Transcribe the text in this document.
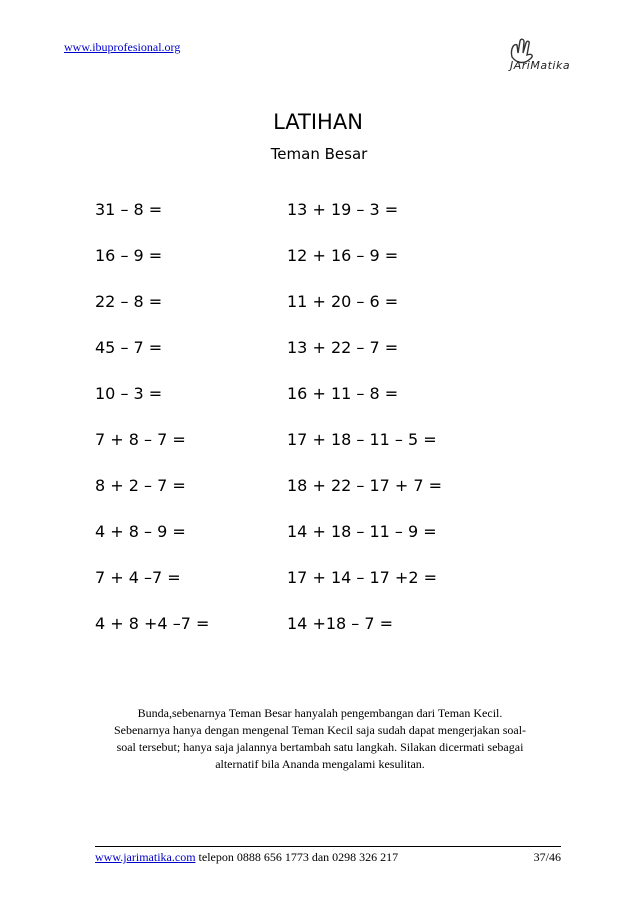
www.ibuprofesional.org
JAriMatika
LATIHAN
Teman Besar
31 – 8 =	13 + 19 – 3 =
16 – 9 =	12 + 16 – 9 =
22 – 8 =	11 + 20 – 6 =
45 – 7 =	13 + 22 – 7 =
10 – 3 =	16 + 11 – 8 =
7 + 8 – 7 =	17 + 18 – 11 – 5 =
8 + 2 – 7 =	18 + 22 – 17 + 7 =
4 + 8 – 9 =	14 + 18 – 11 – 9 =
7 + 4 –7 =	17 + 14 – 17 +2 =
4 + 8 +4 –7 =	14 +18 – 7 =
Bunda,sebenarnya Teman Besar hanyalah pengembangan dari Teman Kecil.
Sebenarnya hanya dengan mengenal Teman Kecil saja sudah dapat mengerjakan soal-
soal tersebut; hanya saja jalannya bertambah satu langkah. Silakan dicermati sebagai
alternatif bila Ananda mengalami kesulitan.
www.jarimatika.com telepon 0888 656 1773 dan 0298 326 217	37/46
